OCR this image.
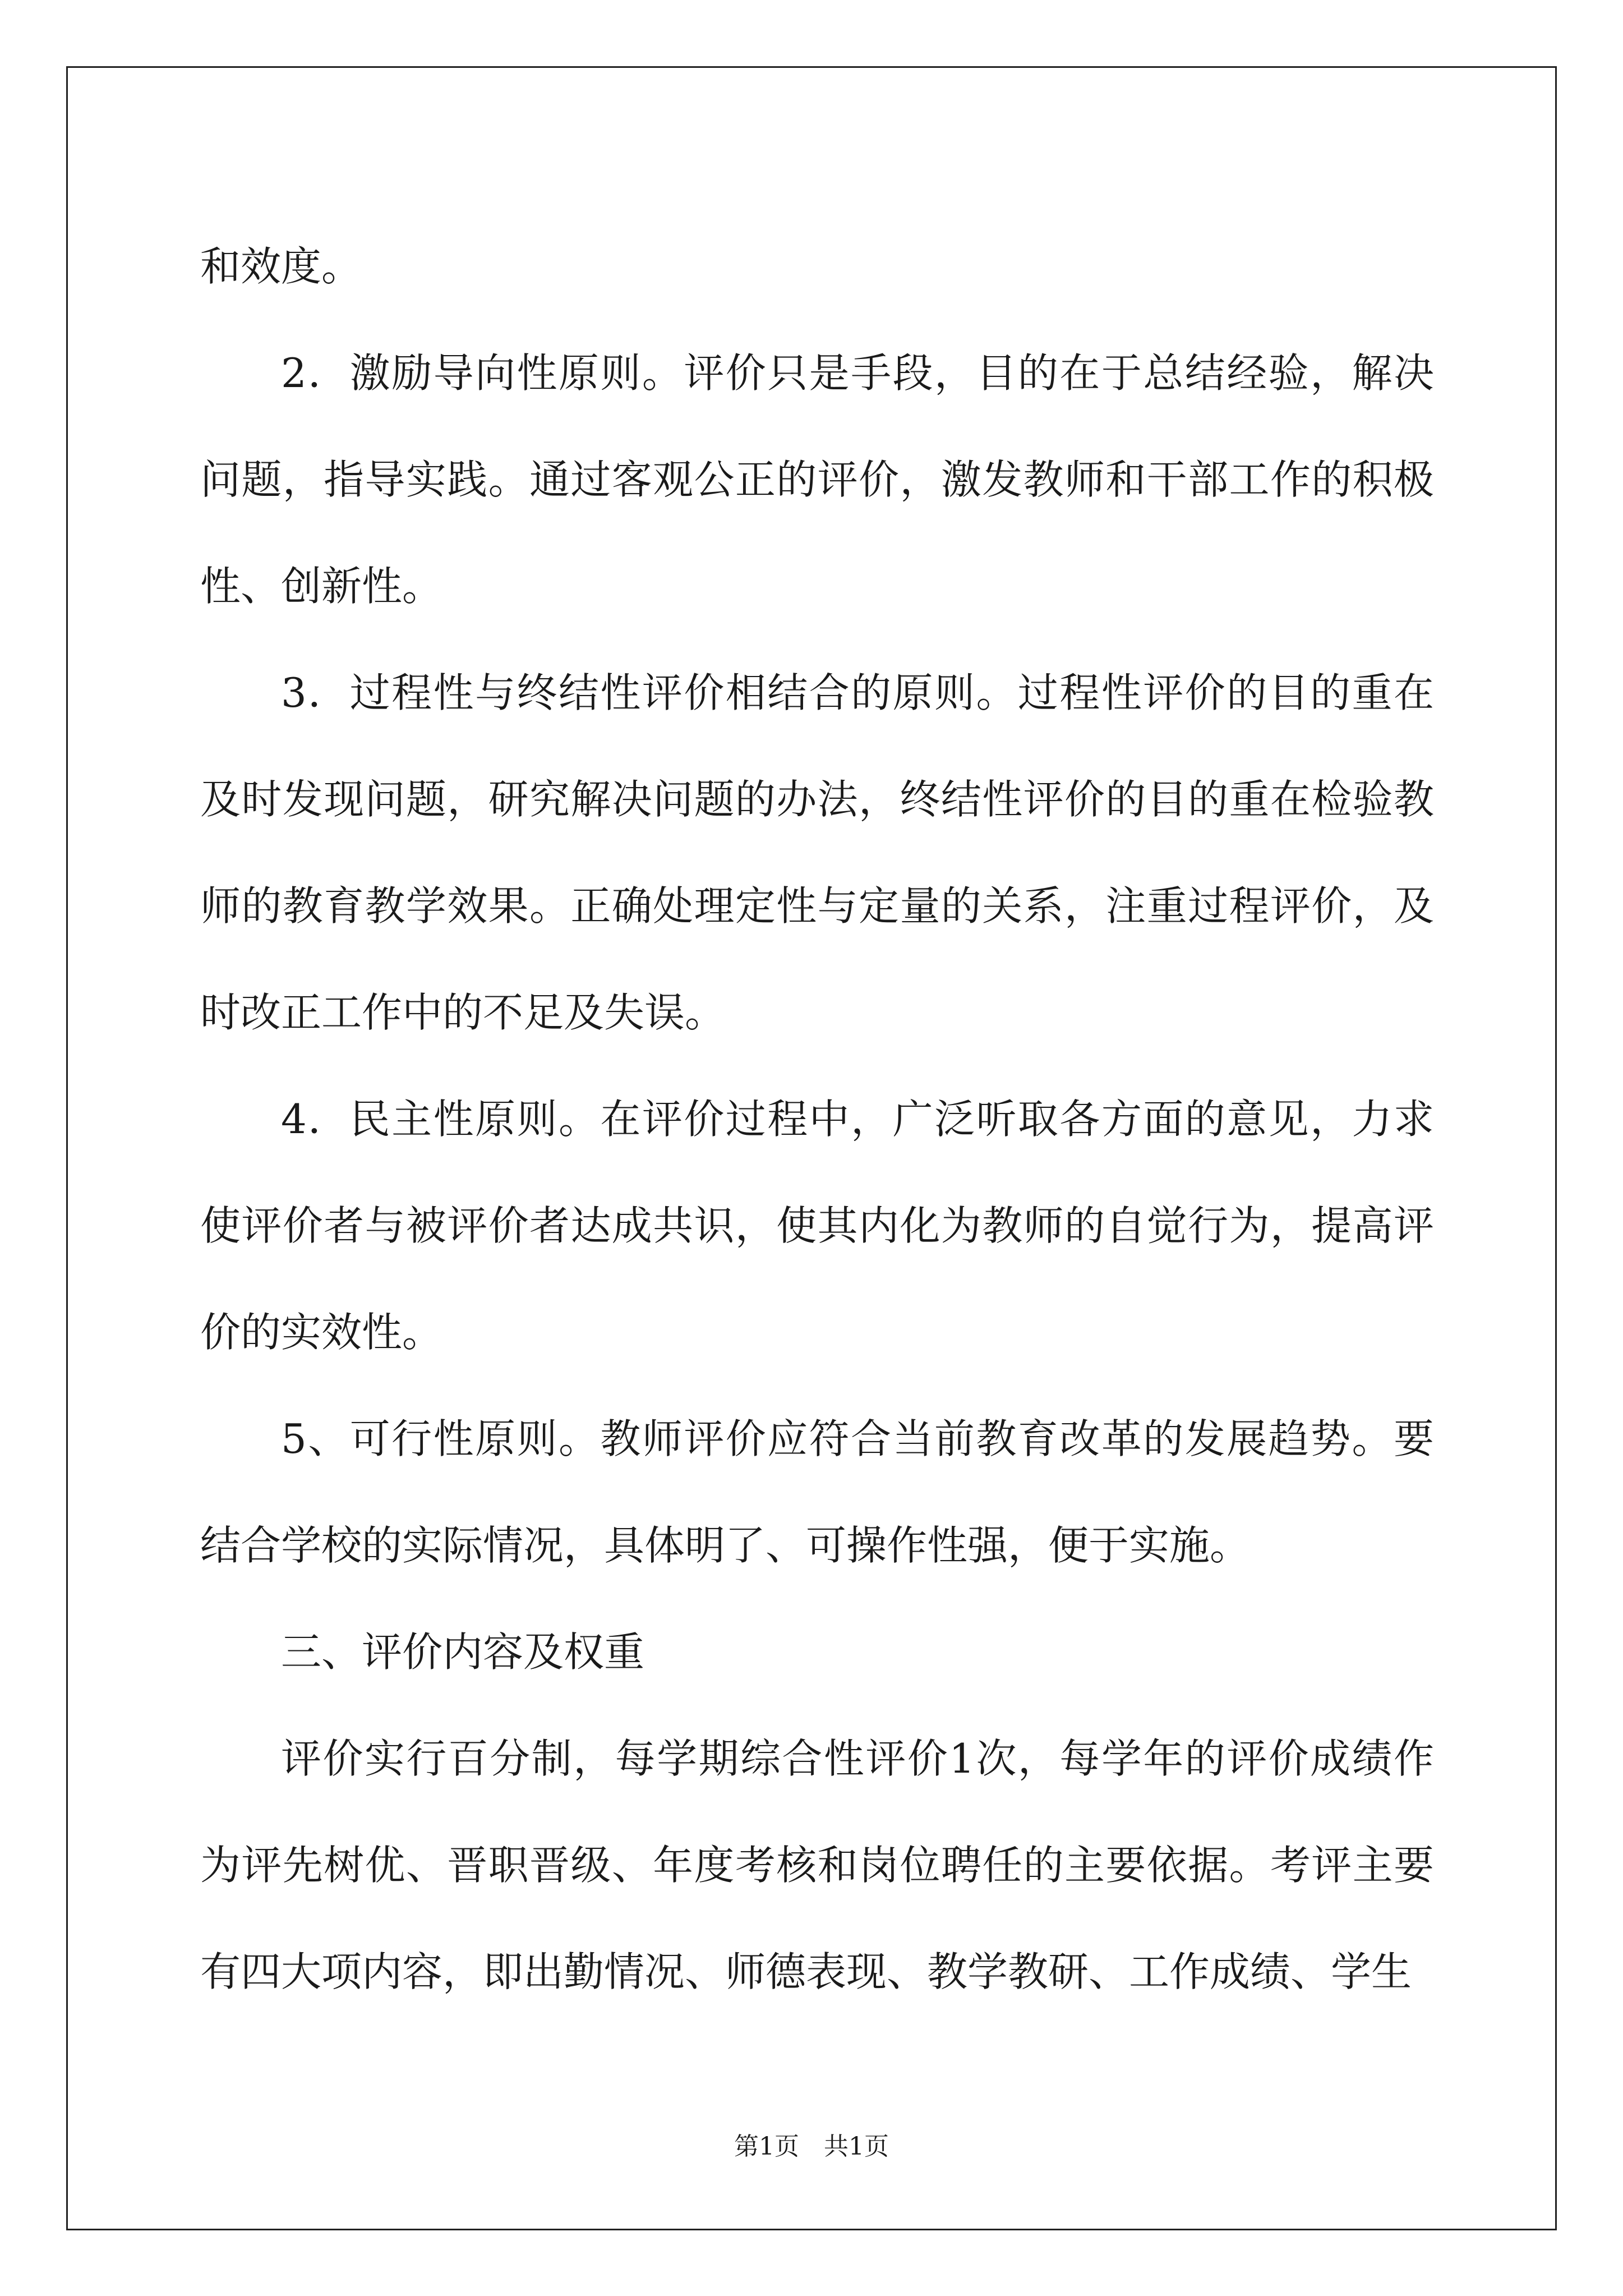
和效度。

2．激励导向性原则。评价只是手段，目的在于总结经验，解决问题，指导实践。通过客观公正的评价，激发教师和干部工作的积极性、创新性。

3．过程性与终结性评价相结合的原则。过程性评价的目的重在及时发现问题，研究解决问题的办法，终结性评价的目的重在检验教师的教育教学效果。正确处理定性与定量的关系，注重过程评价，及时改正工作中的不足及失误。

4．民主性原则。在评价过程中，广泛听取各方面的意见，力求使评价者与被评价者达成共识，使其内化为教师的自觉行为，提高评价的实效性。

5、可行性原则。教师评价应符合当前教育改革的发展趋势。要结合学校的实际情况，具体明了、可操作性强，便于实施。

三、评价内容及权重

评价实行百分制，每学期综合性评价1次，每学年的评价成绩作为评先树优、晋职晋级、年度考核和岗位聘任的主要依据。考评主要有四大项内容，即出勤情况、师德表现、教学教研、工作成绩、学生

第1页　共1页
